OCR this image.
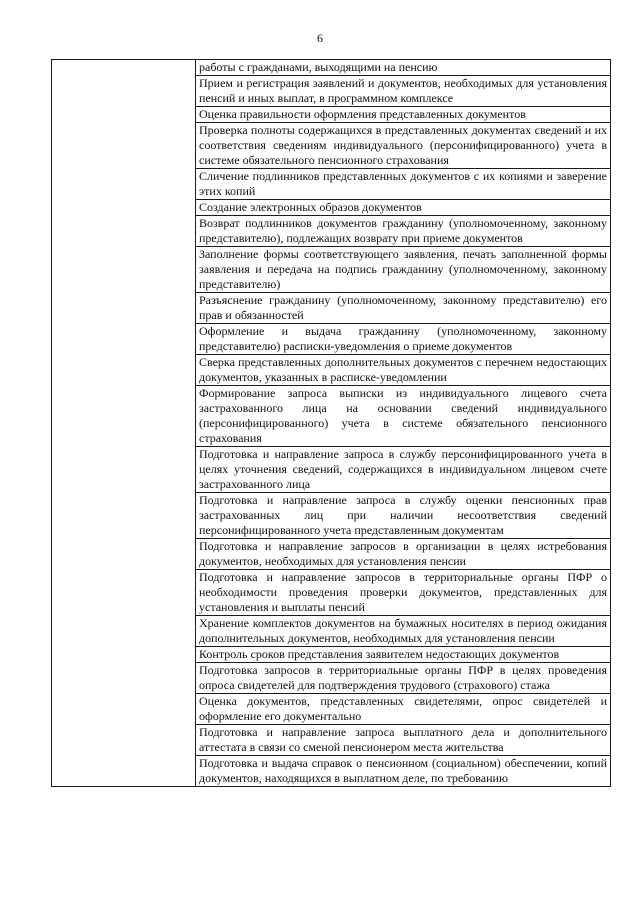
6

работы с гражданами, выходящими на пенсию

Прием и регистрация заявлений и документов, необходимых для установления пенсий и иных выплат, в программном комплексе

Оценка правильности оформления представленных документов

Проверка полноты содержащихся в представленных документах сведений и их соответствия сведениям индивидуального (персонифицированного) учета в системе обязательного пенсионного страхования

Сличение подлинников представленных документов с их копиями и заверение этих копий

Создание электронных образов документов

Возврат подлинников документов гражданину (уполномоченному, законному представителю), подлежащих возврату при приеме документов

Заполнение формы соответствующего заявления, печать заполненной формы заявления и передача на подпись гражданину (уполномоченному, законному представителю)

Разъяснение гражданину (уполномоченному, законному представителю) его прав и обязанностей

Оформление и выдача гражданину (уполномоченному, законному представителю) расписки-уведомления о приеме документов

Сверка представленных дополнительных документов с перечнем недостающих документов, указанных в расписке-уведомлении

Формирование запроса выписки из индивидуального лицевого счета застрахованного лица на основании сведений индивидуального (персонифицированного) учета в системе обязательного пенсионного страхования

Подготовка и направление запроса в службу персонифицированного учета в целях уточнения сведений, содержащихся в индивидуальном лицевом счете застрахованного лица

Подготовка и направление запроса в службу оценки пенсионных прав застрахованных лиц при наличии несоответствия сведений персонифицированного учета представленным документам

Подготовка и направление запросов в организации в целях истребования документов, необходимых для установления пенсии

Подготовка и направление запросов в территориальные органы ПФР о необходимости проведения проверки документов, представленных для установления и выплаты пенсий

Хранение комплектов документов на бумажных носителях в период ожидания дополнительных документов, необходимых для установления пенсии

Контроль сроков представления заявителем недостающих документов

Подготовка запросов в территориальные органы ПФР в целях проведения опроса свидетелей для подтверждения трудового (страхового) стажа

Оценка документов, представленных свидетелями, опрос свидетелей и оформление его документально

Подготовка и направление запроса выплатного дела и дополнительного аттестата в связи со сменой пенсионером места жительства

Подготовка и выдача справок о пенсионном (социальном) обеспечении, копий документов, находящихся в выплатном деле, по требованию
